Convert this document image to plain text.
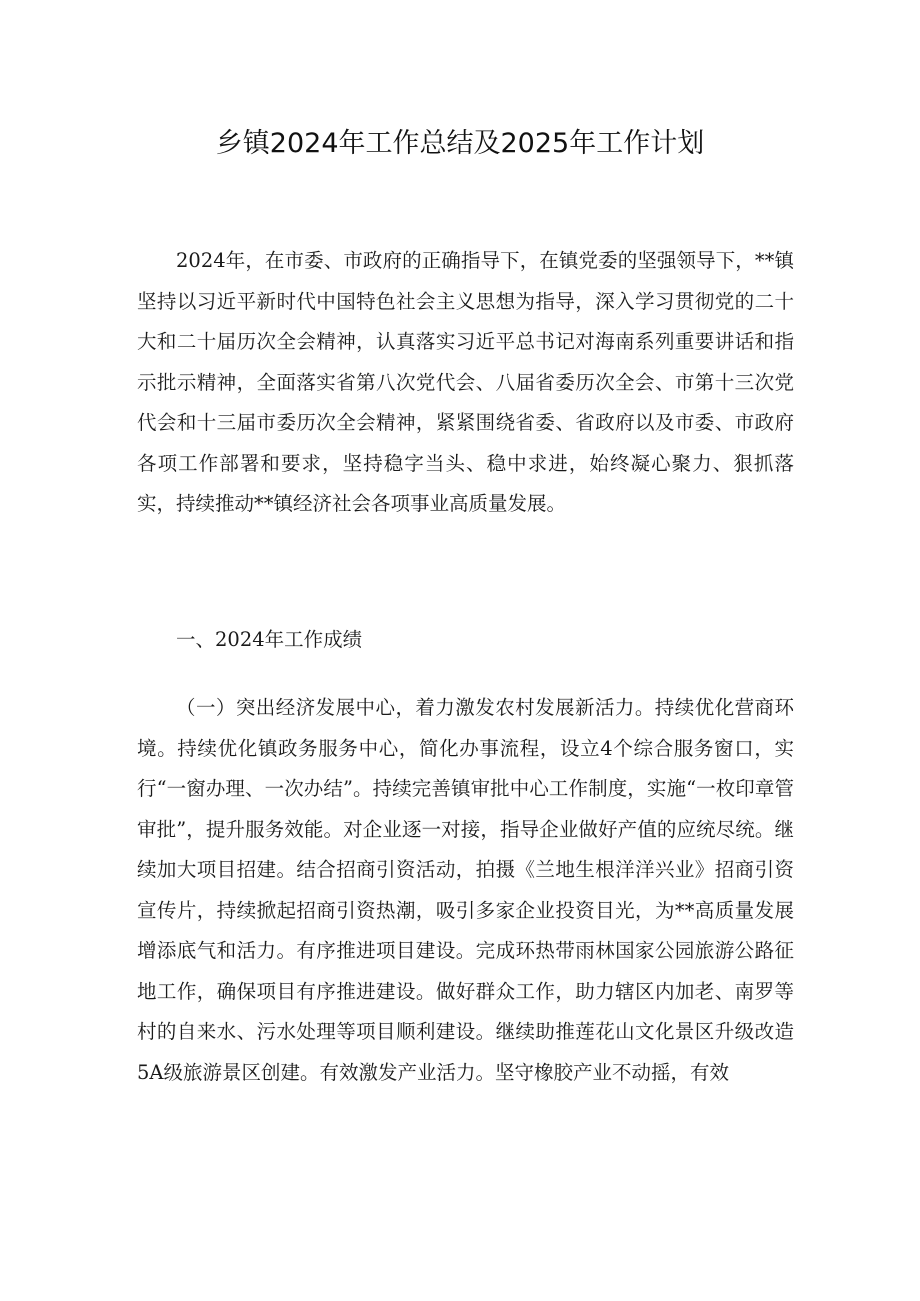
乡镇2024年工作总结及2025年工作计划

2024年，在市委、市政府的正确指导下，在镇党委的坚强领导下，**镇坚持以习近平新时代中国特色社会主义思想为指导，深入学习贯彻党的二十大和二十届历次全会精神，认真落实习近平总书记对海南系列重要讲话和指示批示精神，全面落实省第八次党代会、八届省委历次全会、市第十三次党代会和十三届市委历次全会精神，紧紧围绕省委、省政府以及市委、市政府各项工作部署和要求，坚持稳字当头、稳中求进，始终凝心聚力、狠抓落实，持续推动**镇经济社会各项事业高质量发展。

一、2024年工作成绩

（一）突出经济发展中心，着力激发农村发展新活力。持续优化营商环境。持续优化镇政务服务中心，简化办事流程，设立4个综合服务窗口，实行“一窗办理、一次办结”。持续完善镇审批中心工作制度，实施“一枚印章管审批”，提升服务效能。对企业逐一对接，指导企业做好产值的应统尽统。继续加大项目招建。结合招商引资活动，拍摄《兰地生根洋洋兴业》招商引资宣传片，持续掀起招商引资热潮，吸引多家企业投资目光，为**高质量发展增添底气和活力。有序推进项目建设。完成环热带雨林国家公园旅游公路征地工作，确保项目有序推进建设。做好群众工作，助力辖区内加老、南罗等村的自来水、污水处理等项目顺利建设。继续助推莲花山文化景区升级改造5A级旅游景区创建。有效激发产业活力。坚守橡胶产业不动摇，有效
